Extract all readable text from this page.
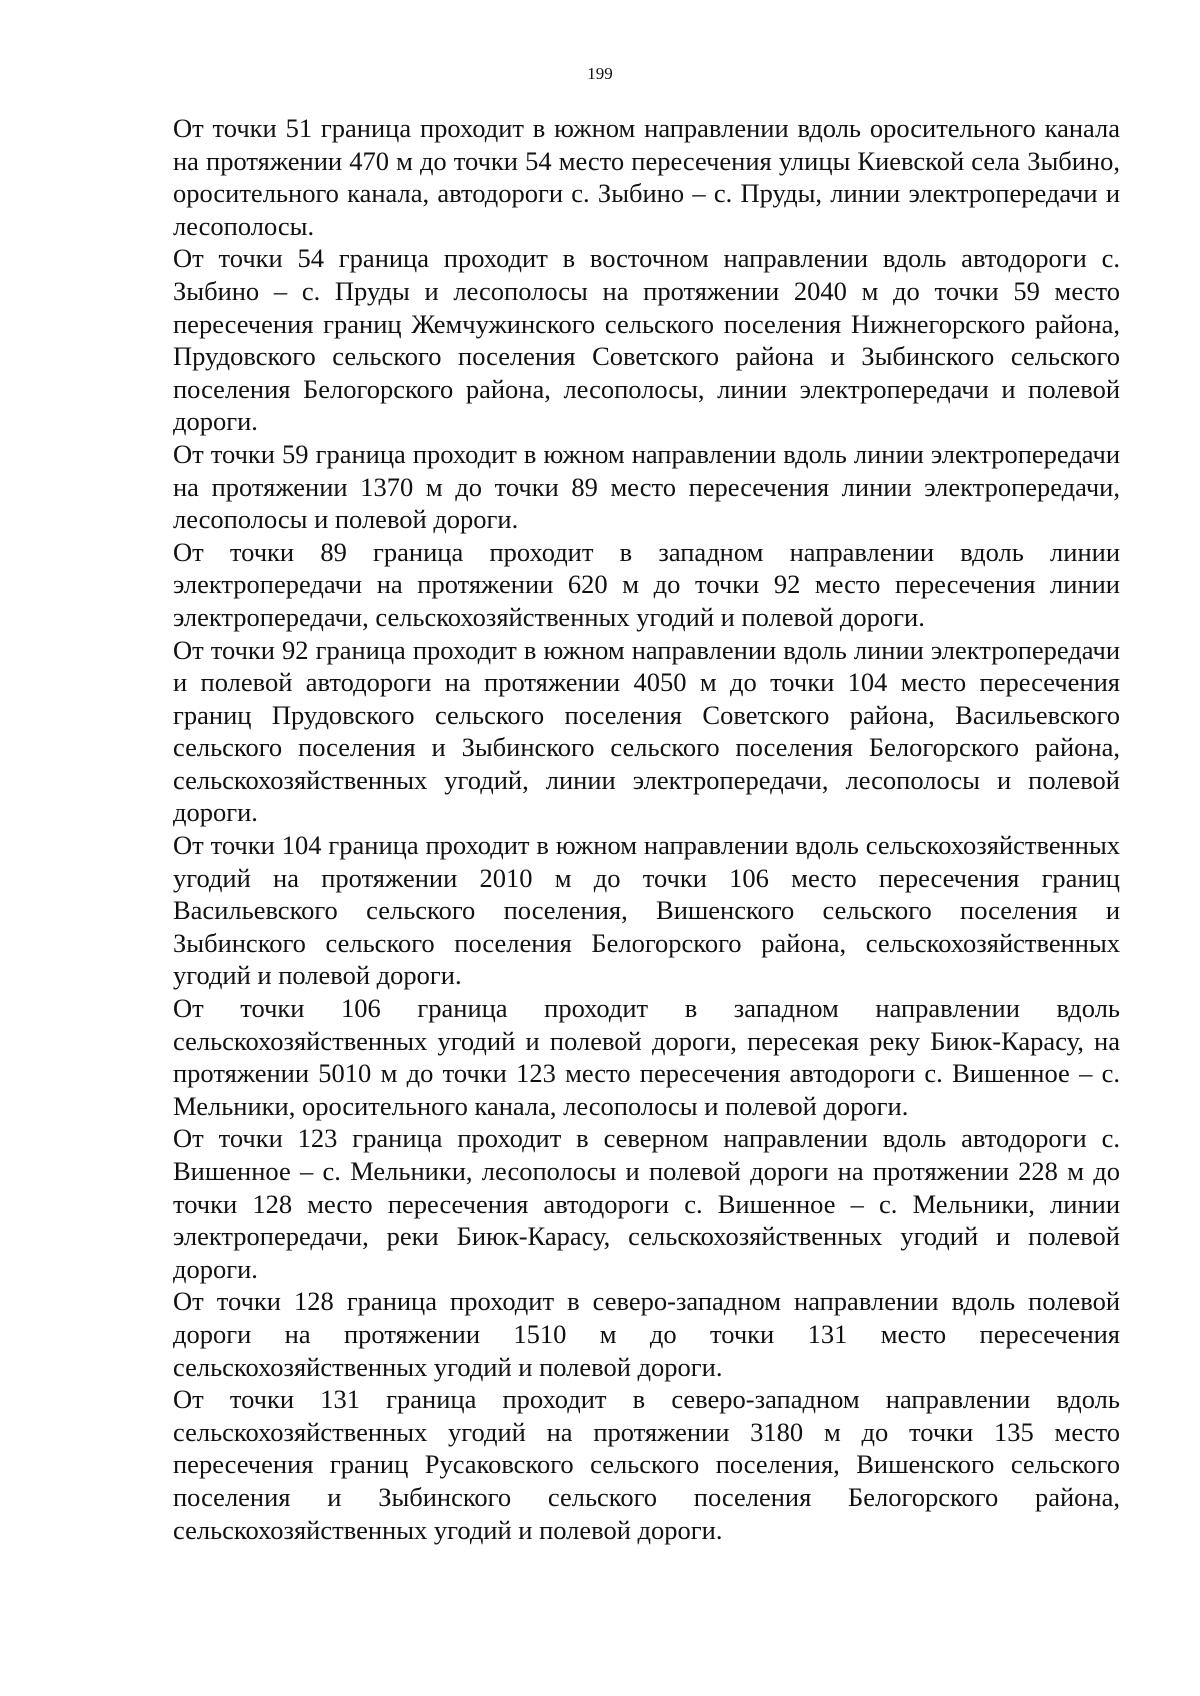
199

От точки 51 граница проходит в южном направлении вдоль оросительного канала на протяжении 470 м до точки 54 место пересечения улицы Киевской села Зыбино, оросительного канала, автодороги с. Зыбино – с. Пруды, линии электропередачи и лесополосы.

От точки 54 граница проходит в восточном направлении вдоль автодороги с. Зыбино – с. Пруды и лесополосы на протяжении 2040 м до точки 59 место пересечения границ Жемчужинского сельского поселения Нижнегорского района, Прудовского сельского поселения Советского района и Зыбинского сельского поселения Белогорского района, лесополосы, линии электропередачи и полевой дороги.

От точки 59 граница проходит в южном направлении вдоль линии электропередачи на протяжении 1370 м до точки 89 место пересечения линии электропередачи, лесополосы и полевой дороги.

От точки 89 граница проходит в западном направлении вдоль линии электропередачи на протяжении 620 м до точки 92 место пересечения линии электропередачи, сельскохозяйственных угодий и полевой дороги.

От точки 92 граница проходит в южном направлении вдоль линии электропередачи и полевой автодороги на протяжении 4050 м до точки 104 место пересечения границ Прудовского сельского поселения Советского района, Васильевского сельского поселения и Зыбинского сельского поселения Белогорского района, сельскохозяйственных угодий, линии электропередачи, лесополосы и полевой дороги.

От точки 104 граница проходит в южном направлении вдоль сельскохозяйственных угодий на протяжении 2010 м до точки 106 место пересечения границ Васильевского сельского поселения, Вишенского сельского поселения и Зыбинского сельского поселения Белогорского района, сельскохозяйственных угодий и полевой дороги.

От точки 106 граница проходит в западном направлении вдоль сельскохозяйственных угодий и полевой дороги, пересекая реку Биюк-Карасу, на протяжении 5010 м до точки 123 место пересечения автодороги с. Вишенное – с. Мельники, оросительного канала, лесополосы и полевой дороги.

От точки 123 граница проходит в северном направлении вдоль автодороги с. Вишенное – с. Мельники, лесополосы и полевой дороги на протяжении 228 м до точки 128 место пересечения автодороги с. Вишенное – с. Мельники, линии электропередачи, реки Биюк-Карасу, сельскохозяйственных угодий и полевой дороги.

От точки 128 граница проходит в северо-западном направлении вдоль полевой дороги на протяжении 1510 м до точки 131 место пересечения сельскохозяйственных угодий и полевой дороги.

От точки 131 граница проходит в северо-западном направлении вдоль сельскохозяйственных угодий на протяжении 3180 м до точки 135 место пересечения границ Русаковского сельского поселения, Вишенского сельского поселения и Зыбинского сельского поселения Белогорского района, сельскохозяйственных угодий и полевой дороги.
